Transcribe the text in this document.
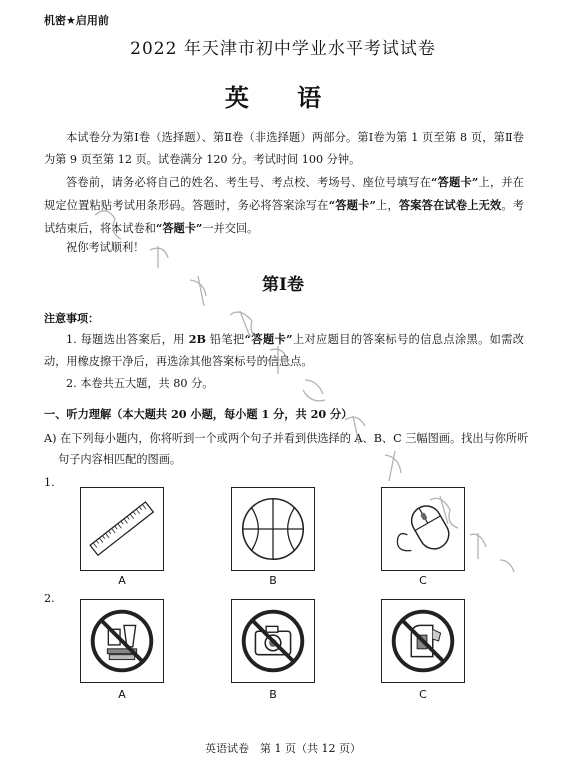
机密★启用前
2022 年天津市初中学业水平考试试卷
英 语
本试卷分为第Ⅰ卷（选择题）、第Ⅱ卷（非选择题）两部分。第Ⅰ卷为第 1 页至第 8 页，第Ⅱ卷为第 9 页至第 12 页。试卷满分 120 分。考试时间 100 分钟。
答卷前，请务必将自己的姓名、考生号、考点校、考场号、座位号填写在“答题卡”上，并在规定位置粘贴考试用条形码。答题时，务必将答案涂写在“答题卡”上，答案答在试卷上无效。考试结束后，将本试卷和“答题卡”一并交回。
祝你考试顺利！
第Ⅰ卷
注意事项：
1. 每题选出答案后，用 2B 铅笔把“答题卡”上对应题目的答案标号的信息点涂黑。如需改动，用橡皮擦干净后，再选涂其他答案标号的信息点。
2. 本卷共五大题，共 80 分。
一、听力理解（本大题共 20 小题，每小题 1 分，共 20 分）
A) 在下列每小题内，你将听到一个或两个句子并看到供选择的 A、B、C 三幅图画。找出与你所听句子内容相匹配的图画。
1.
A	B	C
2.
A	B	C
英语试卷　第 1 页（共 12 页）
